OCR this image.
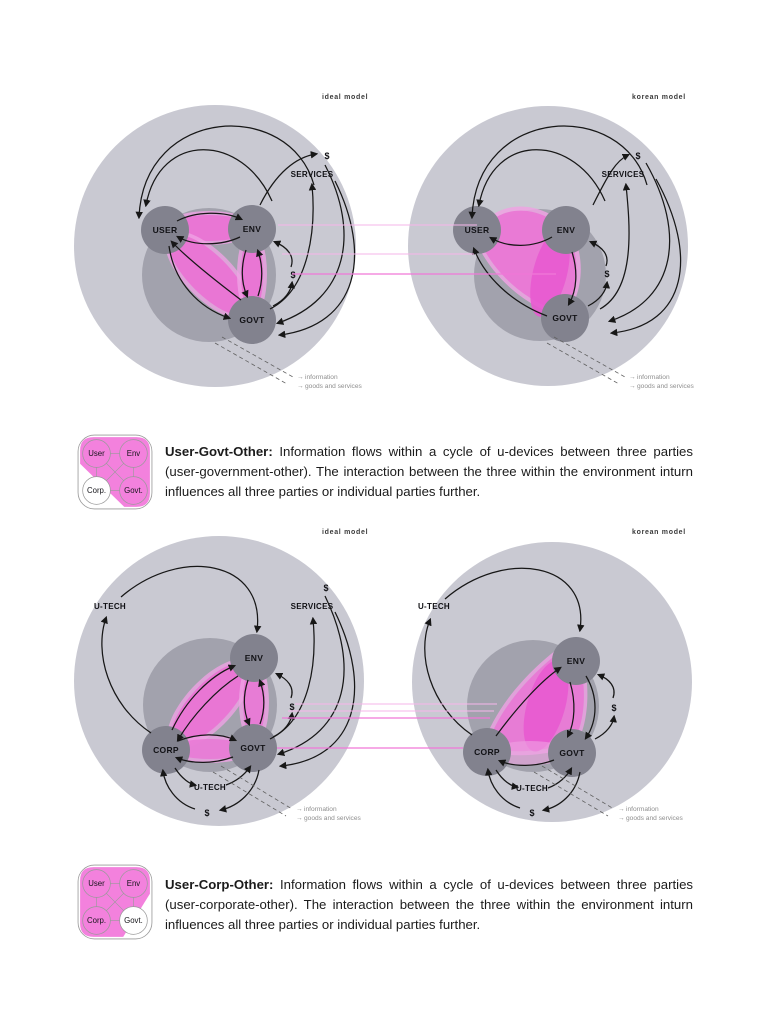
→ information
→ goods and services
USER	ENV
GOVT
SERVICES
$
$
ideal model
→ information
→ goods and services
USER	ENV
GOVT
SERVICES
$
$
korean model
→ information
→ goods and services
ENV
CORP	GOVT
U-TECH	SERVICES
$
$
U-TECH
$
ideal model
→ information
→ goods and services
ENV
CORP	GOVT
U-TECH
$
U-TECH
$
korean model
User	Env
Corp. Govt.

User-Govt-Other: Information flows within a cycle of u-devices between three parties (user-government-other). The interaction between the three within the environment inturn influences all three parties or individual parties further.

User	Env
Corp. Govt.

User-Corp-Other: Information flows within a cycle of u-devices between three parties (user-corporate-other). The interaction between the three within the environment inturn influences all three parties or individual parties further.
